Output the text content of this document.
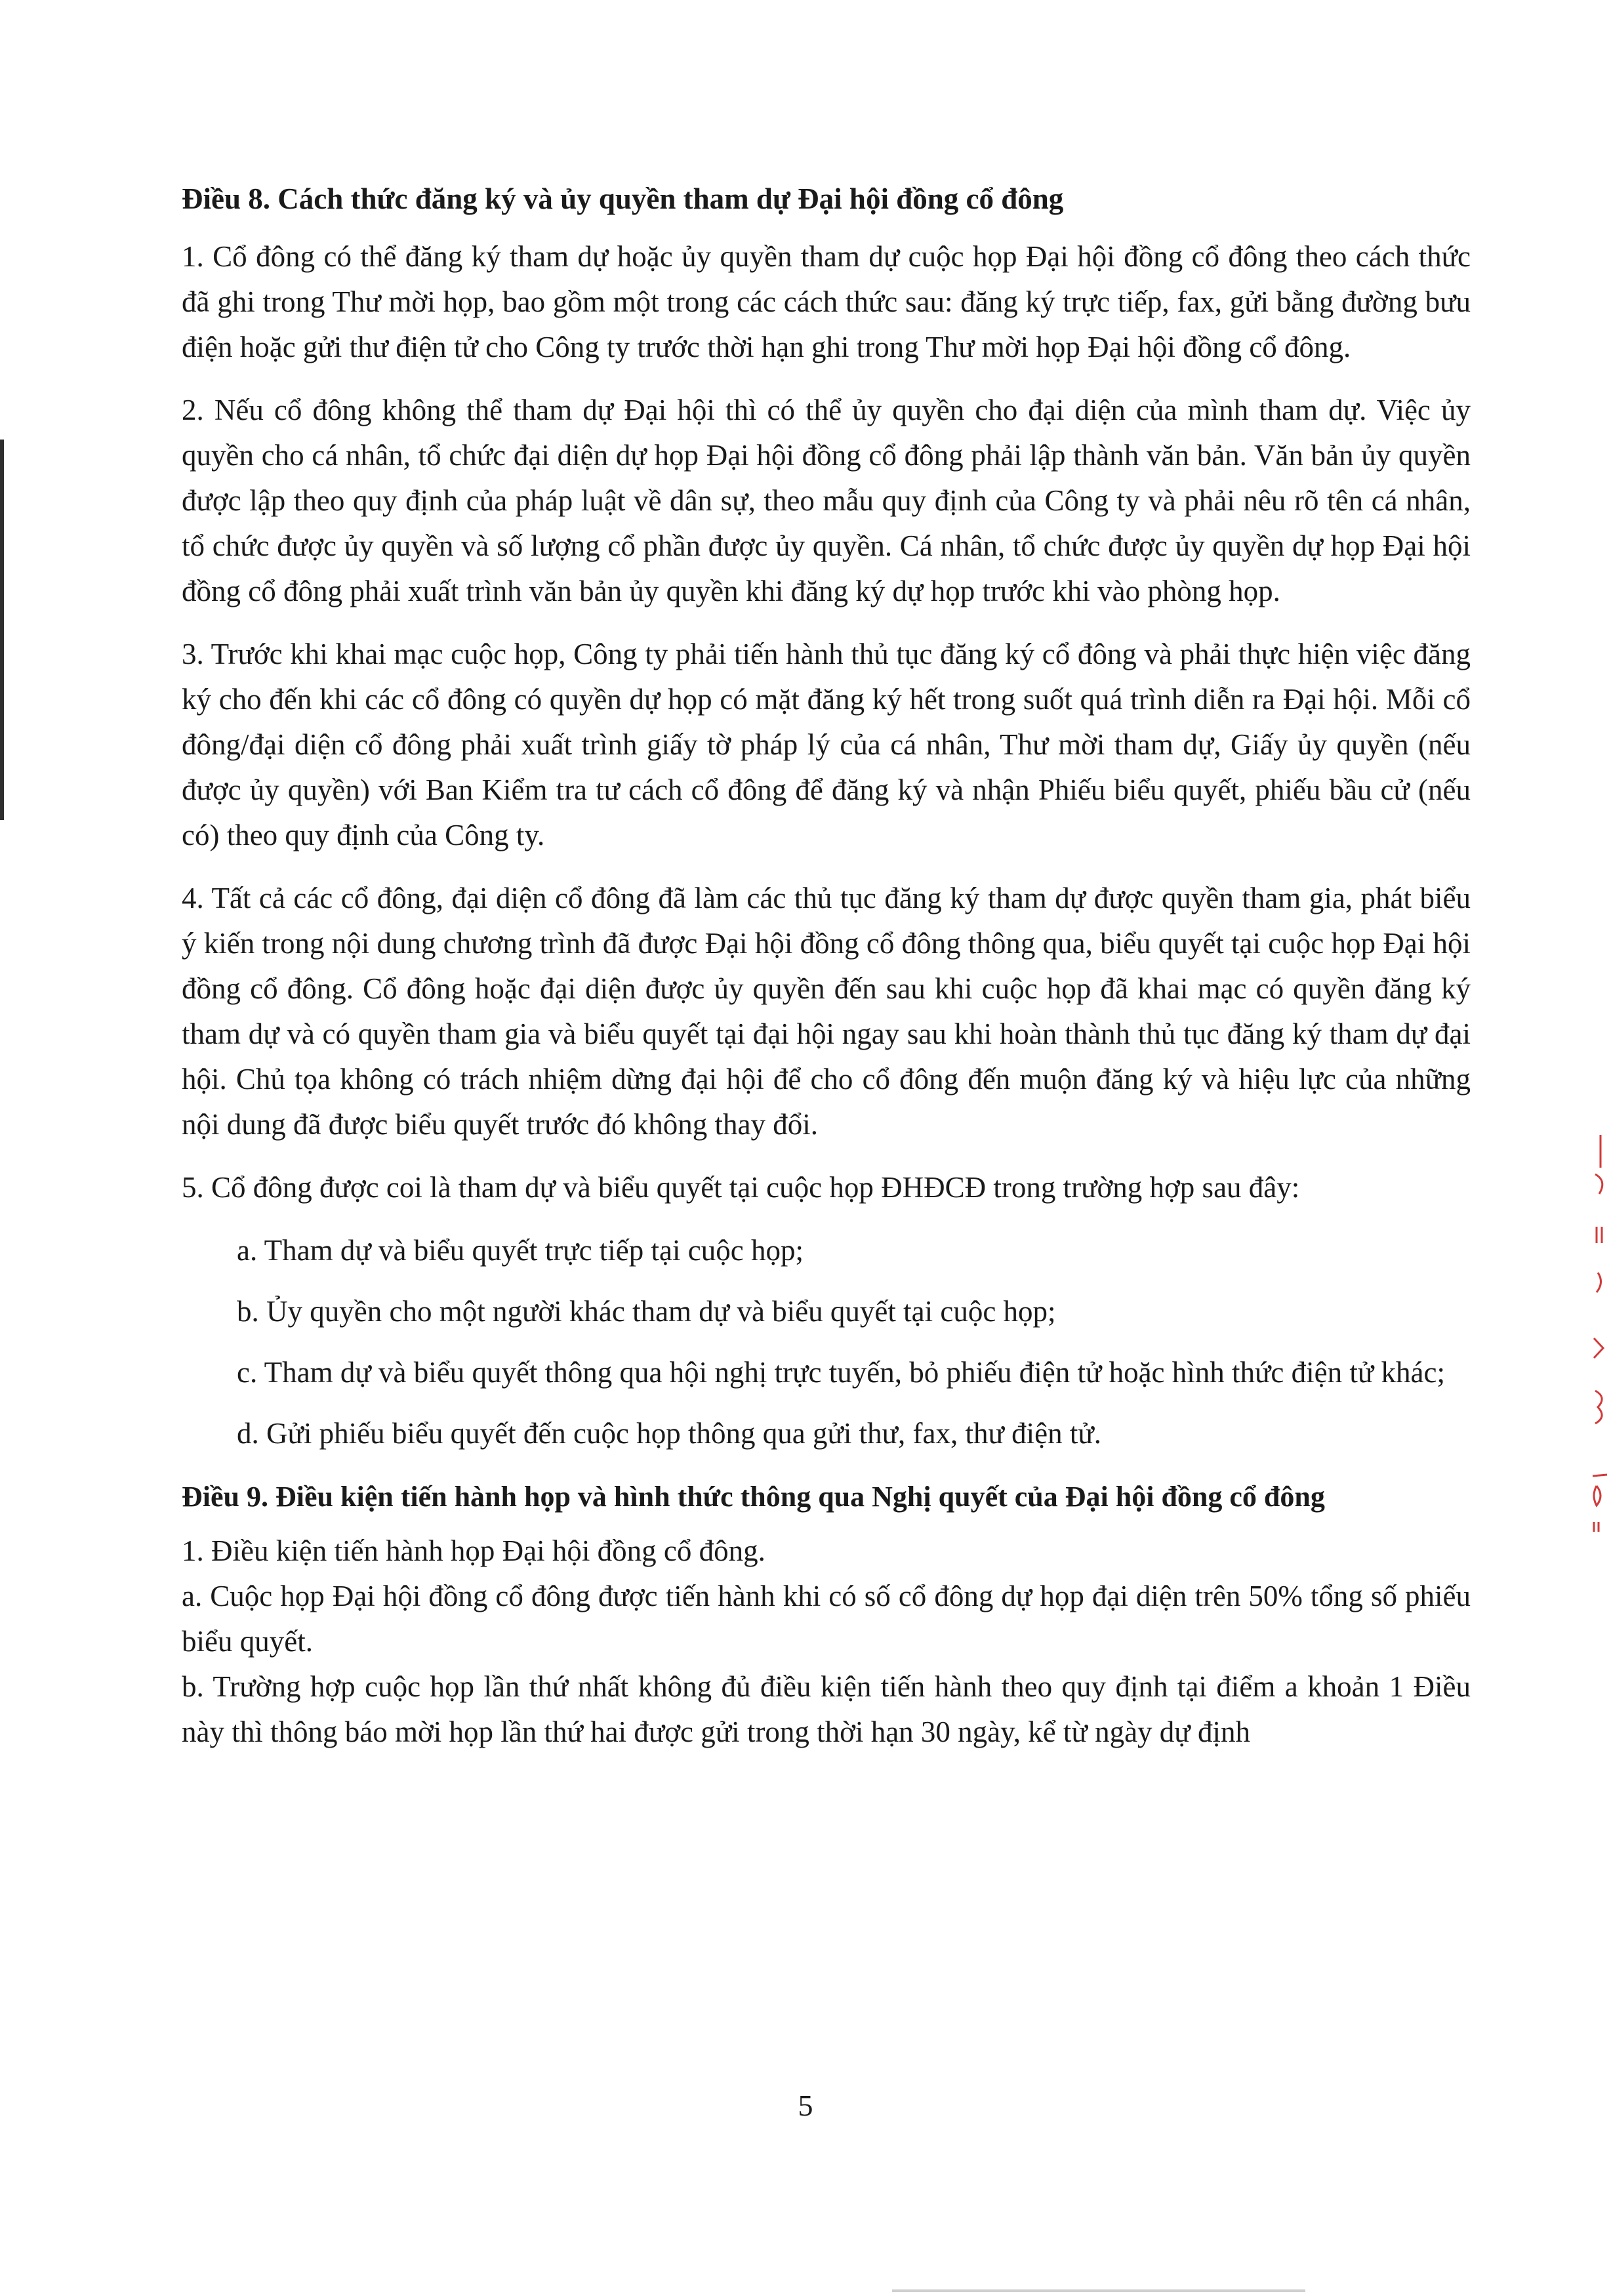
Điều 8. Cách thức đăng ký và ủy quyền tham dự Đại hội đồng cổ đông

1. Cổ đông có thể đăng ký tham dự hoặc ủy quyền tham dự cuộc họp Đại hội đồng cổ đông theo cách thức đã ghi trong Thư mời họp, bao gồm một trong các cách thức sau: đăng ký trực tiếp, fax, gửi bằng đường bưu điện hoặc gửi thư điện tử cho Công ty trước thời hạn ghi trong Thư mời họp Đại hội đồng cổ đông.

2. Nếu cổ đông không thể tham dự Đại hội thì có thể ủy quyền cho đại diện của mình tham dự. Việc ủy quyền cho cá nhân, tổ chức đại diện dự họp Đại hội đồng cổ đông phải lập thành văn bản. Văn bản ủy quyền được lập theo quy định của pháp luật về dân sự, theo mẫu quy định của Công ty và phải nêu rõ tên cá nhân, tổ chức được ủy quyền và số lượng cổ phần được ủy quyền. Cá nhân, tổ chức được ủy quyền dự họp Đại hội đồng cổ đông phải xuất trình văn bản ủy quyền khi đăng ký dự họp trước khi vào phòng họp.

3. Trước khi khai mạc cuộc họp, Công ty phải tiến hành thủ tục đăng ký cổ đông và phải thực hiện việc đăng ký cho đến khi các cổ đông có quyền dự họp có mặt đăng ký hết trong suốt quá trình diễn ra Đại hội. Mỗi cổ đông/đại diện cổ đông phải xuất trình giấy tờ pháp lý của cá nhân, Thư mời tham dự, Giấy ủy quyền (nếu được ủy quyền) với Ban Kiểm tra tư cách cổ đông để đăng ký và nhận Phiếu biểu quyết, phiếu bầu cử (nếu có) theo quy định của Công ty.

4. Tất cả các cổ đông, đại diện cổ đông đã làm các thủ tục đăng ký tham dự được quyền tham gia, phát biểu ý kiến trong nội dung chương trình đã được Đại hội đồng cổ đông thông qua, biểu quyết tại cuộc họp Đại hội đồng cổ đông. Cổ đông hoặc đại diện được ủy quyền đến sau khi cuộc họp đã khai mạc có quyền đăng ký tham dự và có quyền tham gia và biểu quyết tại đại hội ngay sau khi hoàn thành thủ tục đăng ký tham dự đại hội. Chủ tọa không có trách nhiệm dừng đại hội để cho cổ đông đến muộn đăng ký và hiệu lực của những nội dung đã được biểu quyết trước đó không thay đổi.

5. Cổ đông được coi là tham dự và biểu quyết tại cuộc họp ĐHĐCĐ trong trường hợp sau đây:

a. Tham dự và biểu quyết trực tiếp tại cuộc họp;

b. Ủy quyền cho một người khác tham dự và biểu quyết tại cuộc họp;

c. Tham dự và biểu quyết thông qua hội nghị trực tuyến, bỏ phiếu điện tử hoặc hình thức điện tử khác;

d. Gửi phiếu biểu quyết đến cuộc họp thông qua gửi thư, fax, thư điện tử.

Điều 9. Điều kiện tiến hành họp và hình thức thông qua Nghị quyết của Đại hội đồng cổ đông

1. Điều kiện tiến hành họp Đại hội đồng cổ đông.

a. Cuộc họp Đại hội đồng cổ đông được tiến hành khi có số cổ đông dự họp đại diện trên 50% tổng số phiếu biểu quyết.

b. Trường hợp cuộc họp lần thứ nhất không đủ điều kiện tiến hành theo quy định tại điểm a khoản 1 Điều này thì thông báo mời họp lần thứ hai được gửi trong thời hạn 30 ngày, kể từ ngày dự định

5
